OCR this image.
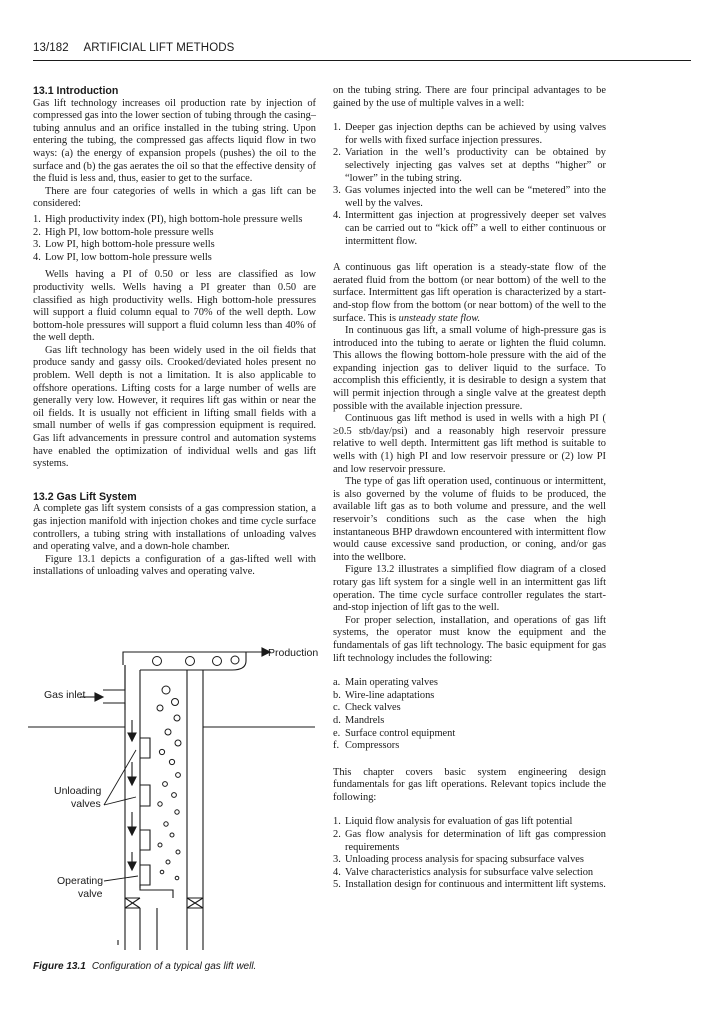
13/182 ARTIFICIAL LIFT METHODS

13.1 Introduction

Gas lift technology increases oil production rate by injection of compressed gas into the lower section of tubing through the casing–tubing annulus and an orifice installed in the tubing string. Upon entering the tubing, the compressed gas affects liquid flow in two ways: (a) the energy of expansion propels (pushes) the oil to the surface and (b) the gas aerates the oil so that the effective density of the fluid is less and, thus, easier to get to the surface.

There are four categories of wells in which a gas lift can be considered:

1. High productivity index (PI), high bottom-hole pressure wells
2. High PI, low bottom-hole pressure wells
3. Low PI, high bottom-hole pressure wells
4. Low PI, low bottom-hole pressure wells

Wells having a PI of 0.50 or less are classified as low productivity wells. Wells having a PI greater than 0.50 are classified as high productivity wells. High bottom-hole pressures will support a fluid column equal to 70% of the well depth. Low bottom-hole pressures will support a fluid column less than 40% of the well depth.

Gas lift technology has been widely used in the oil fields that produce sandy and gassy oils. Crooked/deviated holes present no problem. Well depth is not a limitation. It is also applicable to offshore operations. Lifting costs for a large number of wells are generally very low. However, it requires lift gas within or near the oil fields. It is usually not efficient in lifting small fields with a small number of wells if gas compression equipment is required. Gas lift advancements in pressure control and automation systems have enabled the optimization of individual wells and gas lift systems.

13.2 Gas Lift System

A complete gas lift system consists of a gas compression station, a gas injection manifold with injection chokes and time cycle surface controllers, a tubing string with installations of unloading valves and operating valve, and a down-hole chamber.

Figure 13.1 depicts a configuration of a gas-lifted well with installations of unloading valves and operating valve.

Production
Gas inlet
Unloading
valves
Operating
valve
Figure 13.1 Configuration of a typical gas lift well.

on the tubing string. There are four principal advantages to be gained by the use of multiple valves in a well:

1. Deeper gas injection depths can be achieved by using valves for wells with fixed surface injection pressures.
2. Variation in the well’s productivity can be obtained by selectively injecting gas valves set at depths “higher” or “lower” in the tubing string.
3. Gas volumes injected into the well can be “metered” into the well by the valves.
4. Intermittent gas injection at progressively deeper set valves can be carried out to “kick off” a well to either continuous or intermittent flow.

A continuous gas lift operation is a steady-state flow of the aerated fluid from the bottom (or near bottom) of the well to the surface. Intermittent gas lift operation is characterized by a start-and-stop flow from the bottom (or near bottom) of the well to the surface. This is unsteady state flow.

In continuous gas lift, a small volume of high-pressure gas is introduced into the tubing to aerate or lighten the fluid column. This allows the flowing bottom-hole pressure with the aid of the expanding injection gas to deliver liquid to the surface. To accomplish this efficiently, it is desirable to design a system that will permit injection through a single valve at the greatest depth possible with the available injection pressure.

Continuous gas lift method is used in wells with a high PI ( ≥0.5 stb/day/psi) and a reasonably high reservoir pressure relative to well depth. Intermittent gas lift method is suitable to wells with (1) high PI and low reservoir pressure or (2) low PI and low reservoir pressure.

The type of gas lift operation used, continuous or intermittent, is also governed by the volume of fluids to be produced, the available lift gas as to both volume and pressure, and the well reservoir’s conditions such as the case when the high instantaneous BHP drawdown encountered with intermittent flow would cause excessive sand production, or coning, and/or gas into the wellbore.

Figure 13.2 illustrates a simplified flow diagram of a closed rotary gas lift system for a single well in an intermittent gas lift operation. The time cycle surface controller regulates the start-and-stop injection of lift gas to the well.

For proper selection, installation, and operations of gas lift systems, the operator must know the equipment and the fundamentals of gas lift technology. The basic equipment for gas lift technology includes the following:

a. Main operating valves
b. Wire-line adaptations
c. Check valves
d. Mandrels
e. Surface control equipment
f. Compressors

This chapter covers basic system engineering design fundamentals for gas lift operations. Relevant topics include the following:

1. Liquid flow analysis for evaluation of gas lift potential
2. Gas flow analysis for determination of lift gas compression requirements
3. Unloading process analysis for spacing subsurface valves
4. Valve characteristics analysis for subsurface valve selection
5. Installation design for continuous and intermittent lift systems.
